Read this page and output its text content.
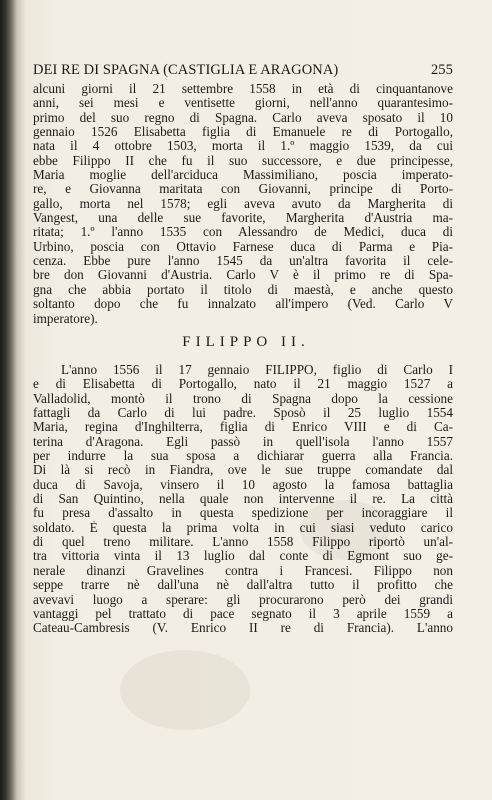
DEI RE DI SPAGNA (CASTIGLIA E ARAGONA)	255
alcuni giorni il 21 settembre 1558 in età di cinquantanove
anni, sei mesi e ventisette giorni, nell'anno quarantesimo-
primo del suo regno di Spagna. Carlo aveva sposato il 10
gennaio 1526 Elisabetta figlia di Emanuele re di Portogallo,
nata il 4 ottobre 1503, morta il 1.º maggio 1539, da cui
ebbe Filippo II che fu il suo successore, e due principesse,
Maria moglie dell'arciduca Massimiliano, poscia imperato-
re, e Giovanna maritata con Giovanni, principe di Porto-
gallo, morta nel 1578; egli aveva avuto da Margherita di
Vangest, una delle sue favorite, Margherita d'Austria ma-
ritata; 1.º l'anno 1535 con Alessandro de Medici, duca di
Urbino, poscia con Ottavio Farnese duca di Parma e Pia-
cenza. Ebbe pure l'anno 1545 da un'altra favorita il cele-
bre don Giovanni d'Austria. Carlo V è il primo re di Spa-
gna che abbia portato il titolo di maestà, e anche questo
soltanto dopo che fu innalzato all'impero (Ved. Carlo V
imperatore).
FILIPPO II.
L'anno 1556 il 17 gennaio FILIPPO, figlio di Carlo I
e di Elisabetta di Portogallo, nato il 21 maggio 1527 a
Valladolid, montò il trono di Spagna dopo la cessione
fattagli da Carlo di lui padre. Sposò il 25 luglio 1554
Maria, regina d'Inghilterra, figlia di Enrico VIII e di Ca-
terina d'Aragona. Egli passò in quell'isola l'anno 1557
per indurre la sua sposa a dichiarar guerra alla Francia.
Di là si recò in Fiandra, ove le sue truppe comandate dal
duca di Savoja, vinsero il 10 agosto la famosa battaglia
di San Quintino, nella quale non intervenne il re. La città
fu presa d'assalto in questa spedizione per incoraggiare il
soldato. È questa la prima volta in cui siasi veduto carico
di quel treno militare. L'anno 1558 Filippo riportò un'al-
tra vittoria vinta il 13 luglio dal conte di Egmont suo ge-
nerale dinanzi Gravelines contra i Francesi. Filippo non
seppe trarre nè dall'una nè dall'altra tutto il profitto che
avevavi luogo a sperare: gli procurarono però dei grandi
vantaggi pel trattato di pace segnato il 3 aprile 1559 a
Cateau-Cambresis (V. Enrico II re di Francia). L'anno
